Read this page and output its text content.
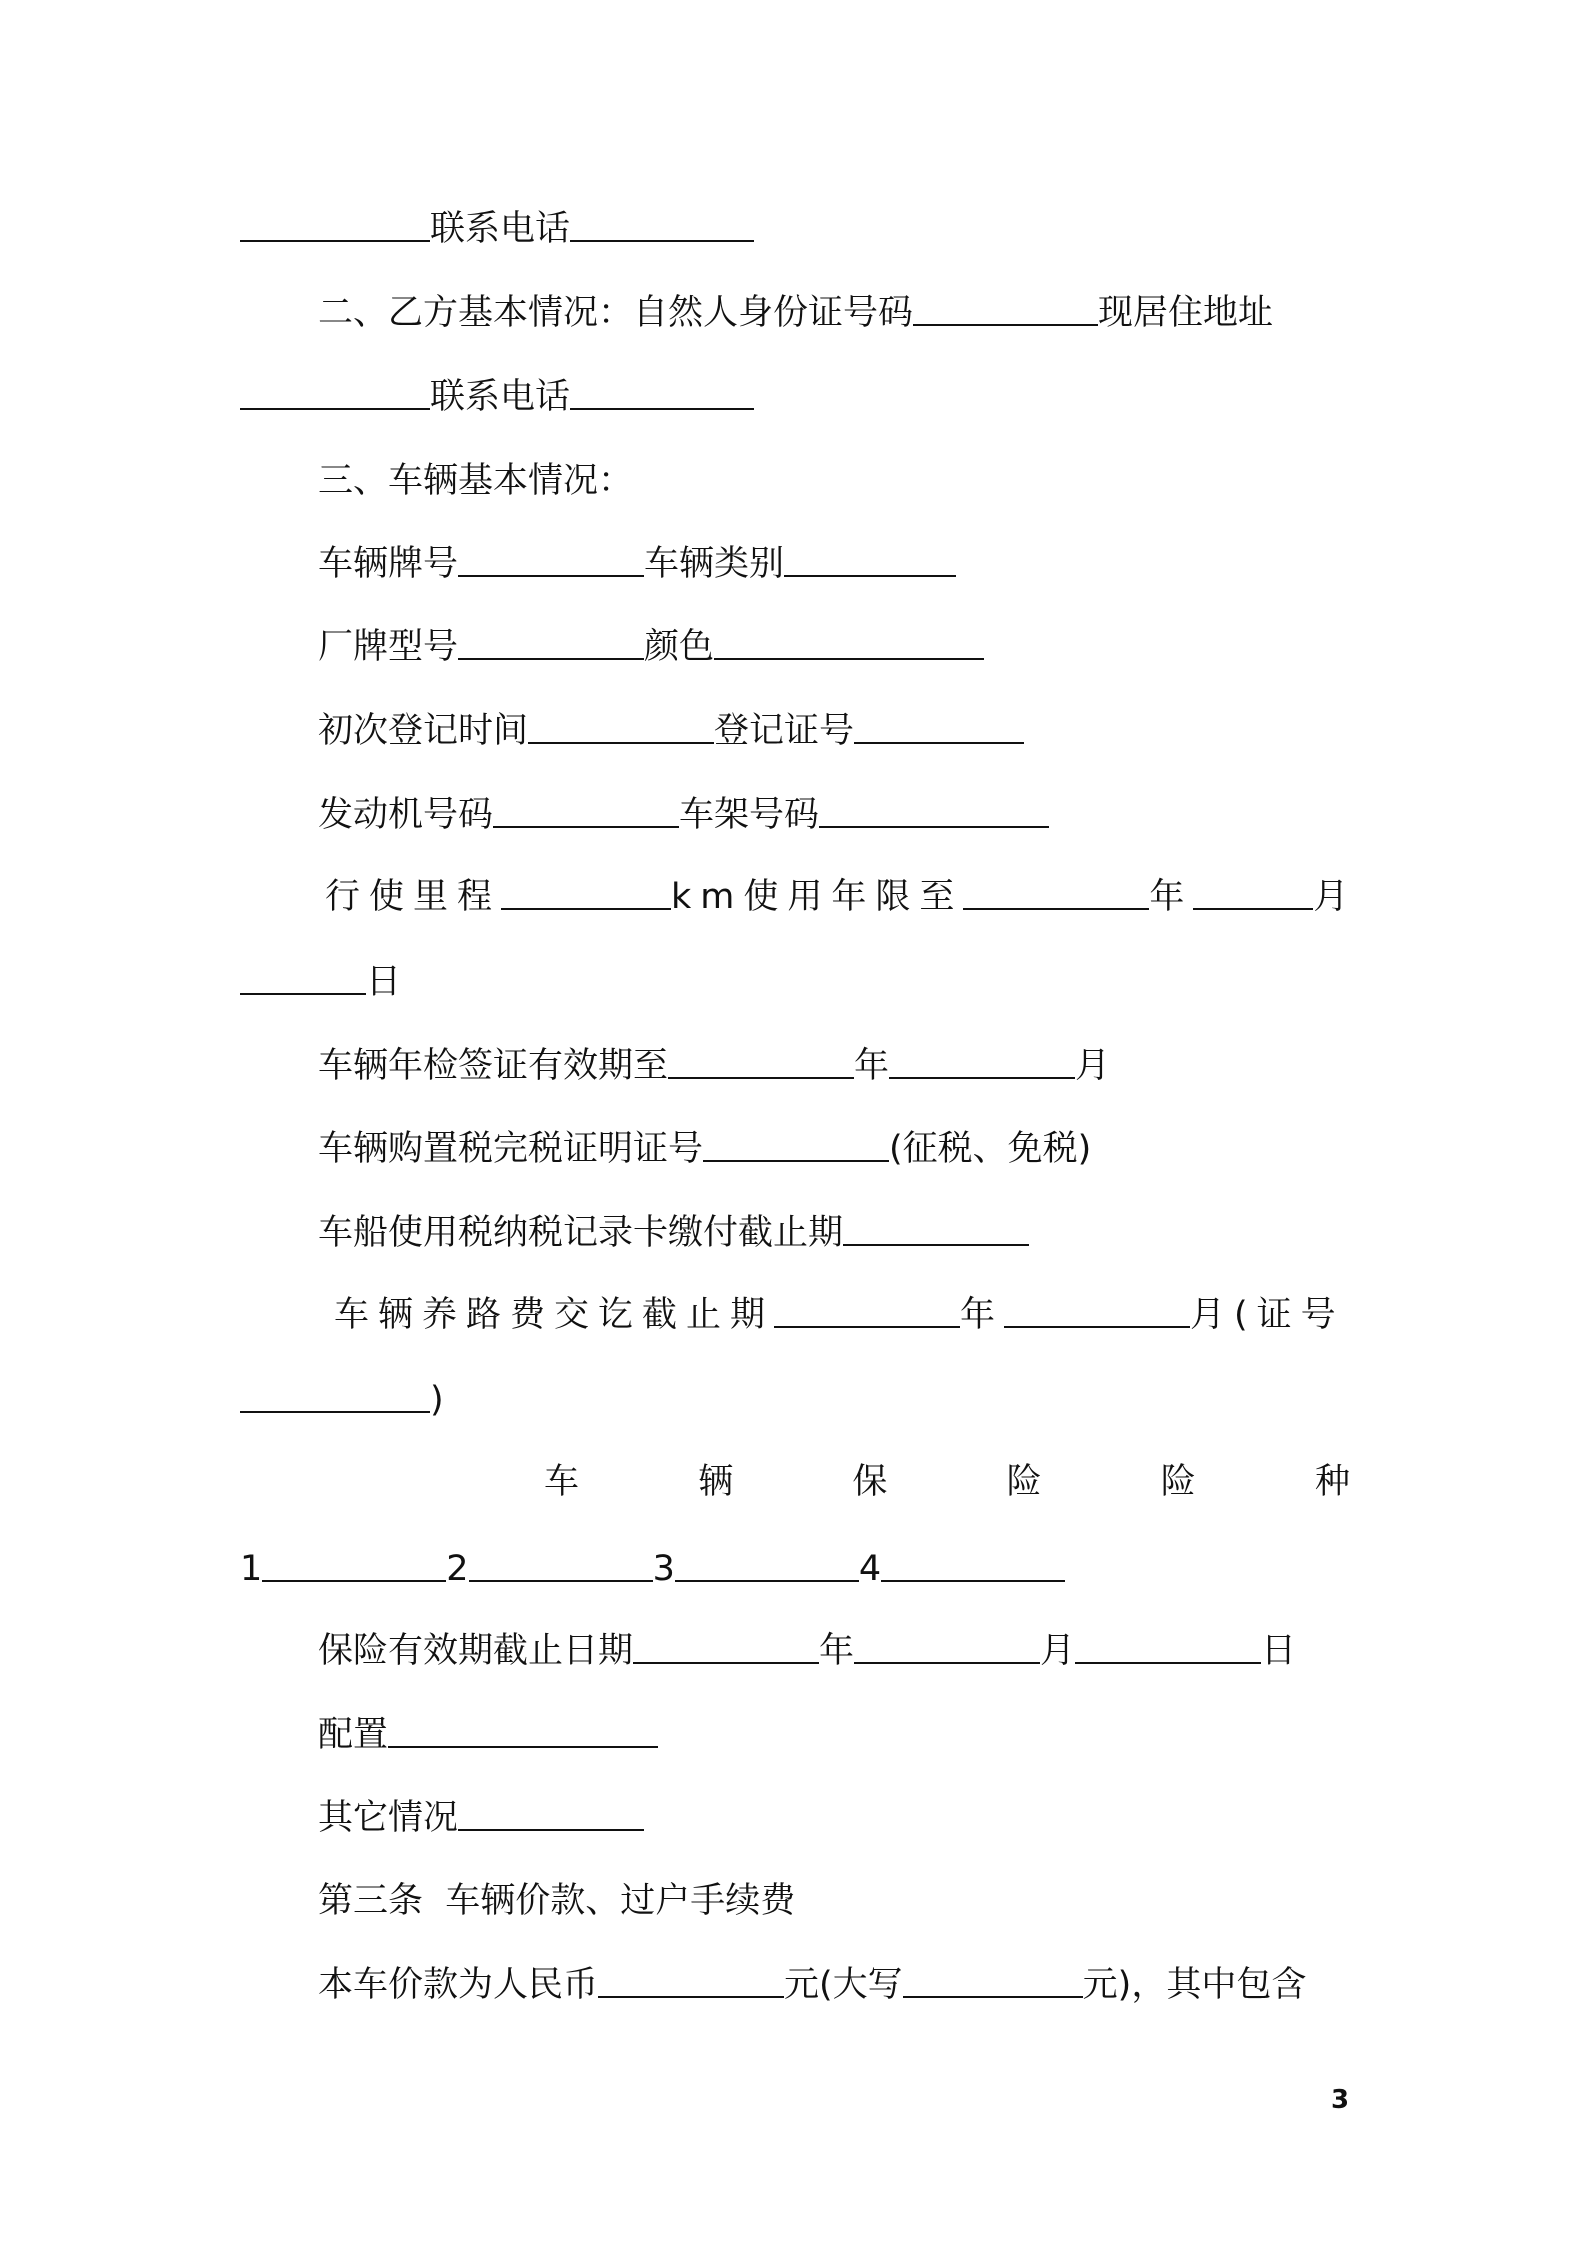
联系电话
二、乙方基本情况：自然人身份证号码	现居住地址
联系电话
三、车辆基本情况：
车辆牌号	车辆类别
厂牌型号	颜色
初次登记时间	登记证号
发动机号码	车架号码
行使里程	km使用年限至	年	月
日
车辆年检签证有效期至	年	月
车辆购置税完税证明证号	(征税、免税)
车船使用税纳税记录卡缴付截止期
车辆养路费交讫截止期	年	月(证号
)
车	辆	保	险	险	种
1	2	3	4
保险有效期截止日期	年	月	日
配置
其它情况
第三条  车辆价款、过户手续费
本车价款为人民币	元(大写	元)，其中包含
3
